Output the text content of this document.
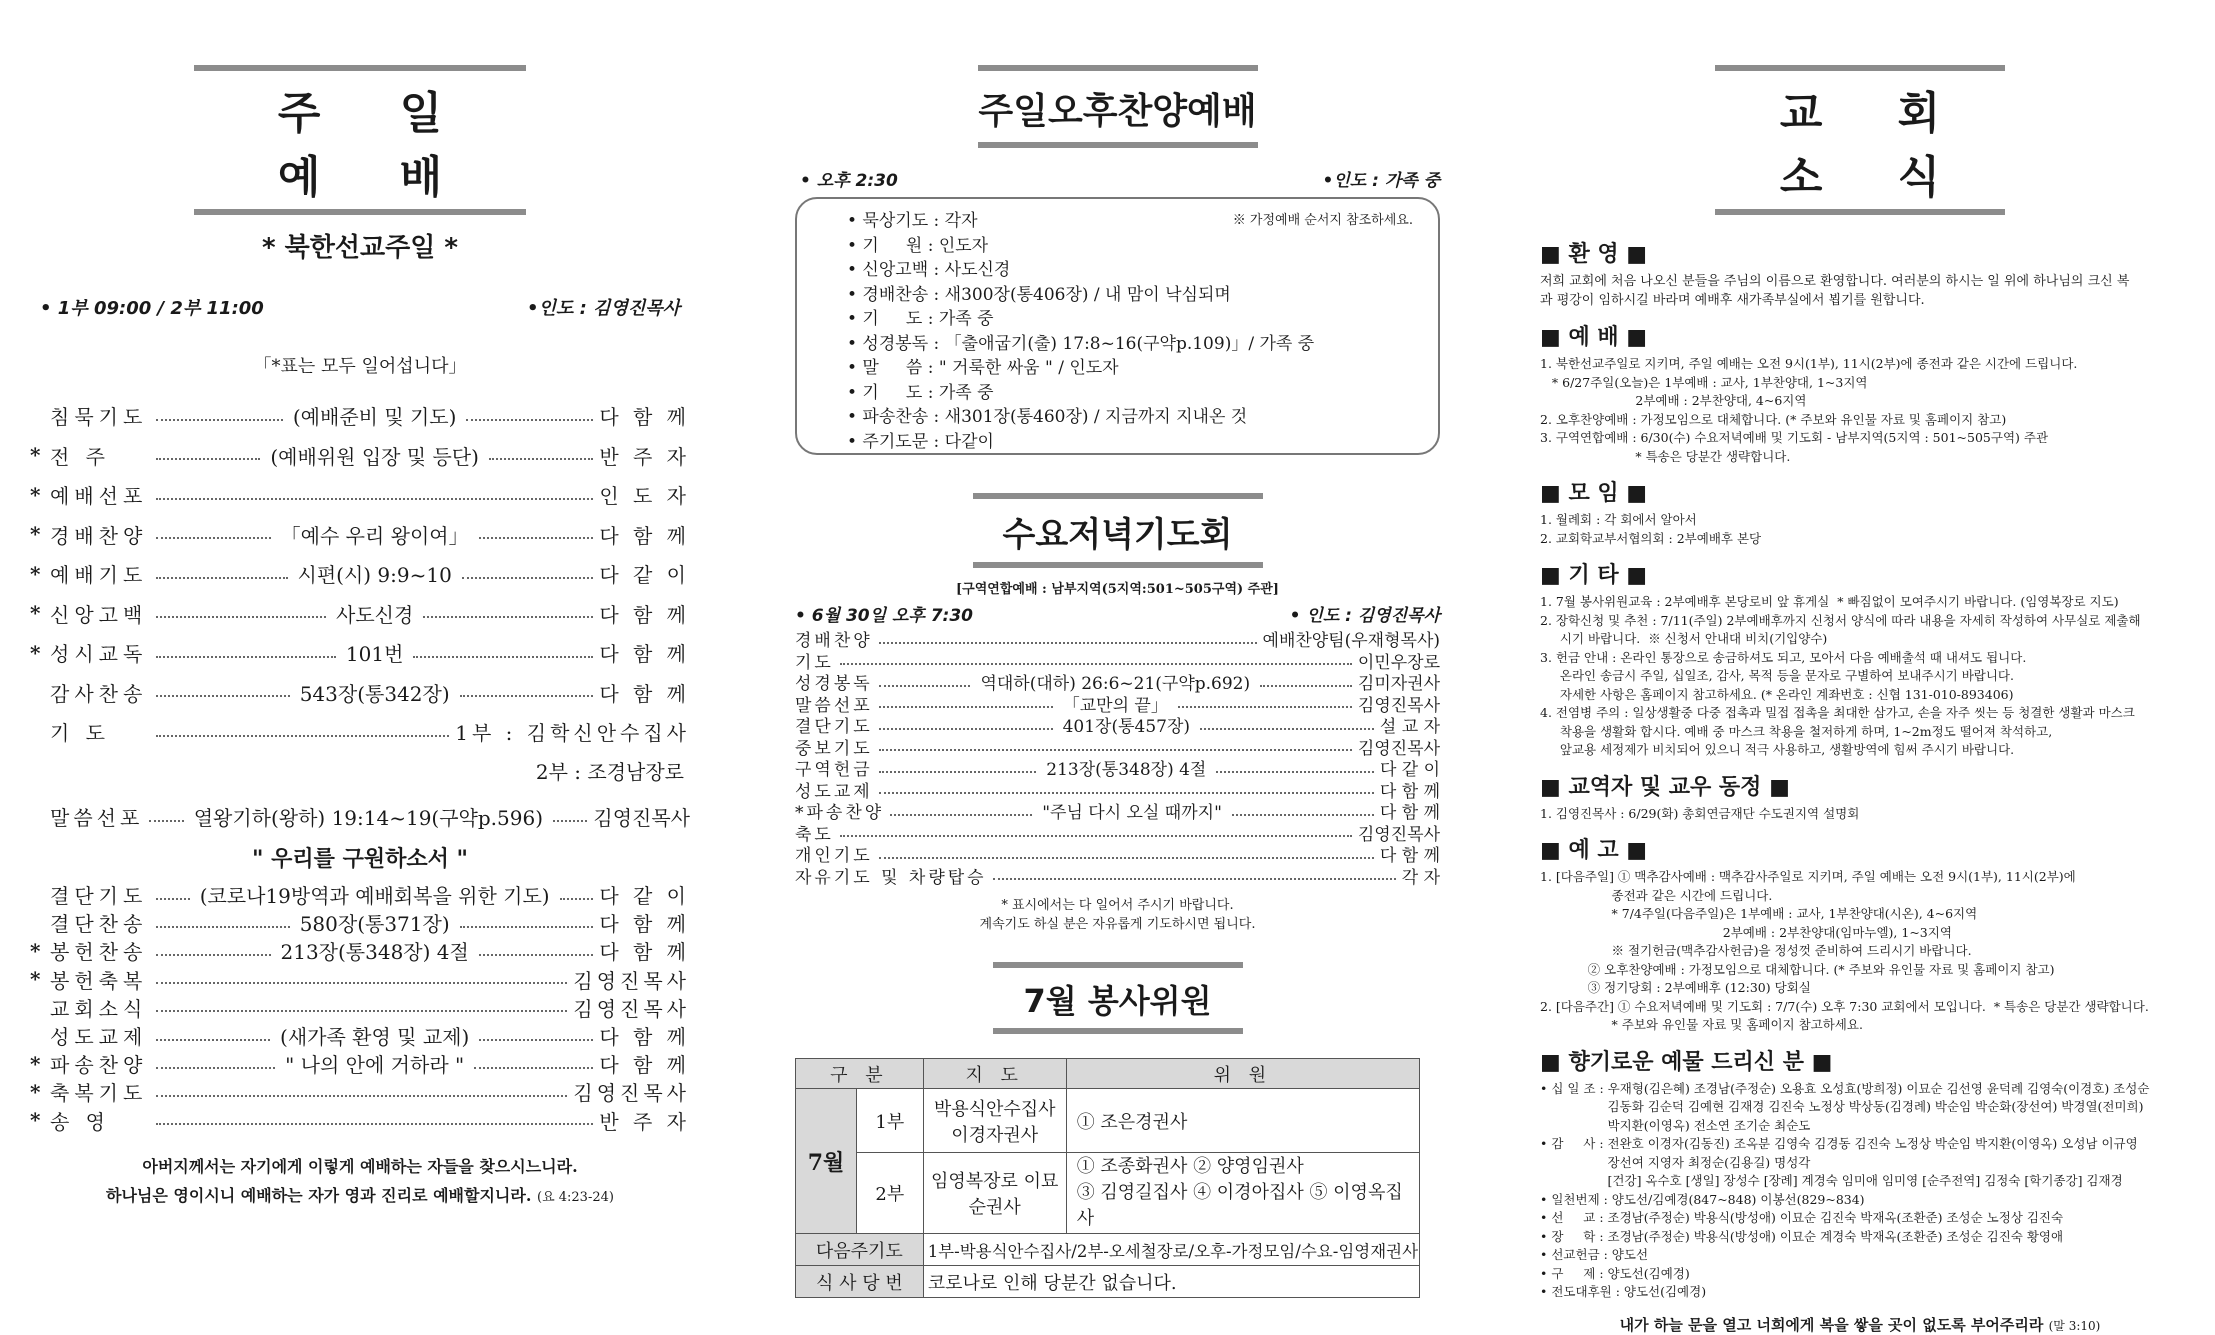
주 일 예 배
* 북한선교주일 *
• 1부 09:00 / 2부 11:00	•인도 : 김영진목사
「*표는 모두 일어섭니다」
침묵기도	(예배준비 및 기도)	다 함 께
* 전 주	(예배위원 입장 및 등단)	반 주 자
* 예배선포	인 도 자
* 경배찬양	「예수 우리 왕이여」	다 함 께
* 예배기도	시편(시) 9:9~10	다 같 이
* 신앙고백	사도신경	다 함 께
* 성시교독	101번	다 함 께
감사찬송	543장(통342장)	다 함 께
기 도	1부 : 김학신안수집사
2부 : 조경남장로
말씀선포	열왕기하(왕하) 19:14~19(구약p.596)	김영진목사
" 우리를 구원하소서 "
결단기도	(코로나19방역과 예배회복을 위한 기도) 다 같 이
결단찬송	580장(통371장)	다 함 께
* 봉헌찬송	213장(통348장) 4절	다 함 께
* 봉헌축복	김영진목사
교회소식	김영진목사
성도교제	(새가족 환영 및 교제)	다 함 께
* 파송찬양	" 나의 안에 거하라 "	다 함 께
* 축복기도	김영진목사
* 송 영	반 주 자
아버지께서는 자기에게 이렇게 예배하는 자들을 찾으시느니라.
하나님은 영이시니 예배하는 자가 영과 진리로 예배할지니라. (요 4:23-24)
주일오후찬양예배
• 오후 2:30	•인도 : 가족 중
※ 가정예배 순서지 참조하세요.
• 묵상기도 : 각자
• 기     원 : 인도자
• 신앙고백 : 사도신경
• 경배찬송 : 새300장(통406장) / 내 맘이 낙심되며
• 기     도 : 가족 중
• 성경봉독 : 「출애굽기(출) 17:8~16(구약p.109)」/ 가족 중
• 말     씀 : " 거룩한 싸움 " / 인도자
• 기     도 : 가족 중
• 파송찬송 : 새301장(통460장) / 지금까지 지내온 것
• 주기도문 : 다같이
수요저녁기도회
[구역연합예배 : 남부지역(5지역:501~505구역) 주관]
• 6월 30일 오후 7:30	• 인도 : 김영진목사
경배찬양	예배찬양팀(우재형목사)
기도	이민우장로
성경봉독	역대하(대하) 26:6~21(구약p.692)	김미자권사
말씀선포	「교만의 끝」	김영진목사
결단기도	401장(통457장)	설 교 자
중보기도	김영진목사
구역헌금	213장(통348장) 4절	다 같 이
성도교제	다 함 께
*파송찬양	"주님 다시 오실 때까지"	다 함 께
축도	김영진목사
개인기도	다 함 께
자유기도 및 차량탑승	각 자
* 표시에서는 다 일어서 주시기 바랍니다.
계속기도 하실 분은 자유롭게 기도하시면 됩니다.
7월 봉사위원
구 분		지 도	위 원
7월	1부	박용식안수집사 이경자권사	① 조은경권사
	2부	임영복장로 이묘순권사	① 조종화권사 ② 양영임권사
③ 김영길집사 ④ 이경아집사 ⑤ 이영옥집사

다음주기도		1부-박용식안수집사/2부-오세철장로/오후-가정모임/수요-임영재권사	
식 사 당 번		코로나로 인해 당분간 없습니다.	
교 회 소 식
■ 환 영 ■
저희 교회에 처음 나오신 분들을 주님의 이름으로 환영합니다. 여러분의 하시는 일 위에 하나님의 크신 복과 평강이 임하시길 바라며 예배후 새가족부실에서 뵙기를 원합니다.
■ 예 배 ■
1. 북한선교주일로 지키며, 주일 예배는 오전 9시(1부), 11시(2부)에 종전과 같은 시간에 드립니다.
* 6/27주일(오늘)은 1부예배 : 교사, 1부찬양대, 1~3지역
2부예배 : 2부찬양대, 4~6지역
2. 오후찬양예배 : 가정모임으로 대체합니다. (* 주보와 유인물 자료 및 홈페이지 참고)
3. 구역연합예배 : 6/30(수) 수요저녁예배 및 기도회 - 남부지역(5지역 : 501~505구역) 주관
* 특송은 당분간 생략합니다.
■ 모 임 ■
1. 월례회 : 각 회에서 알아서
2. 교회학교부서협의회 : 2부예배후 본당
■ 기 타 ■
1. 7월 봉사위원교육 : 2부예배후 본당로비 앞 휴게실  * 빠짐없이 모여주시기 바랍니다. (임영복장로 지도)
2. 장학신청 및 추천 : 7/11(주일) 2부예배후까지 신청서 양식에 따라 내용을 자세히 작성하여 사무실로 제출해
시기 바랍니다.  ※ 신청서 안내대 비치(기입양수)
3. 헌금 안내 : 온라인 통장으로 송금하셔도 되고, 모아서 다음 예배출석 때 내셔도 됩니다.
온라인 송금시 주일, 십일조, 감사, 목적 등을 문자로 구별하여 보내주시기 바랍니다.
자세한 사항은 홈페이지 참고하세요. (* 온라인 계좌번호 : 신협 131-010-893406)
4. 전염병 주의 : 일상생활중 다중 접촉과 밀접 접촉을 최대한 삼가고, 손을 자주 씻는 등 청결한 생활과 마스크
착용을 생활화 합시다. 예배 중 마스크 착용을 철저하게 하며, 1~2m정도 떨어져 착석하고,
앞교용 세정제가 비치되어 있으니 적극 사용하고, 생활방역에 힘써 주시기 바랍니다.
■ 교역자 및 교우 동정 ■
1. 김영진목사 : 6/29(화) 총회연금재단 수도권지역 설명회
■ 예 고 ■
1. [다음주일] ① 맥추감사예배 : 맥추감사주일로 지키며, 주일 예배는 오전 9시(1부), 11시(2부)에
종전과 같은 시간에 드립니다.
* 7/4주일(다음주일)은 1부예배 : 교사, 1부찬양대(시온), 4~6지역
2부예배 : 2부찬양대(임마누엘), 1~3지역
※ 절기헌금(맥추감사헌금)을 정성껏 준비하여 드리시기 바랍니다.
② 오후찬양예배 : 가정모임으로 대체합니다. (* 주보와 유인물 자료 및 홈페이지 참고)
③ 정기당회 : 2부예배후 (12:30) 당회실
2. [다음주간] ① 수요저녁예배 및 기도회 : 7/7(수) 오후 7:30 교회에서 모입니다.  * 특송은 당분간 생략합니다.
* 주보와 유인물 자료 및 홈페이지 참고하세요.
■ 향기로운 예물 드리신 분 ■
• 십 일 조 : 우재형(김은혜) 조경남(주정순) 오용효 오성효(방희정) 이묘순 김선영 윤덕례 김영숙(이경호) 조성순
김동화 김순덕 김예현 김재경 김진숙 노정상 박상동(김경례) 박순임 박순화(장선여) 박경열(전미희)
박지환(이영옥) 전소연 조기순 최순도
• 감     사 : 전완호 이경자(김동진) 조옥분 김영숙 김경동 김진숙 노정상 박순임 박지환(이영옥) 오성남 이규영
장선여 지영자 최정순(김용길) 명성각
[건강] 옥수호 [생일] 장성수 [장례] 계경숙 임미애 임미영 [순주전역] 김정숙 [학기종강] 김재경
• 일천번제 : 양도선/김예경(847~848) 이봉선(829~834)
• 선     교 : 조경남(주정순) 박용식(방성애) 이묘순 김진숙 박재옥(조환준) 조성순 노정상 김진숙
• 장     학 : 조경남(주정순) 박용식(방성애) 이묘순 계경숙 박재옥(조환준) 조성순 김진숙 황영애
• 선교헌금 : 양도선
• 구     제 : 양도선(김예경)
• 전도대후원 : 양도선(김예경)
내가 하늘 문을 열고 너희에게 복을 쌓을 곳이 없도록 부어주리라 (말 3:10)
